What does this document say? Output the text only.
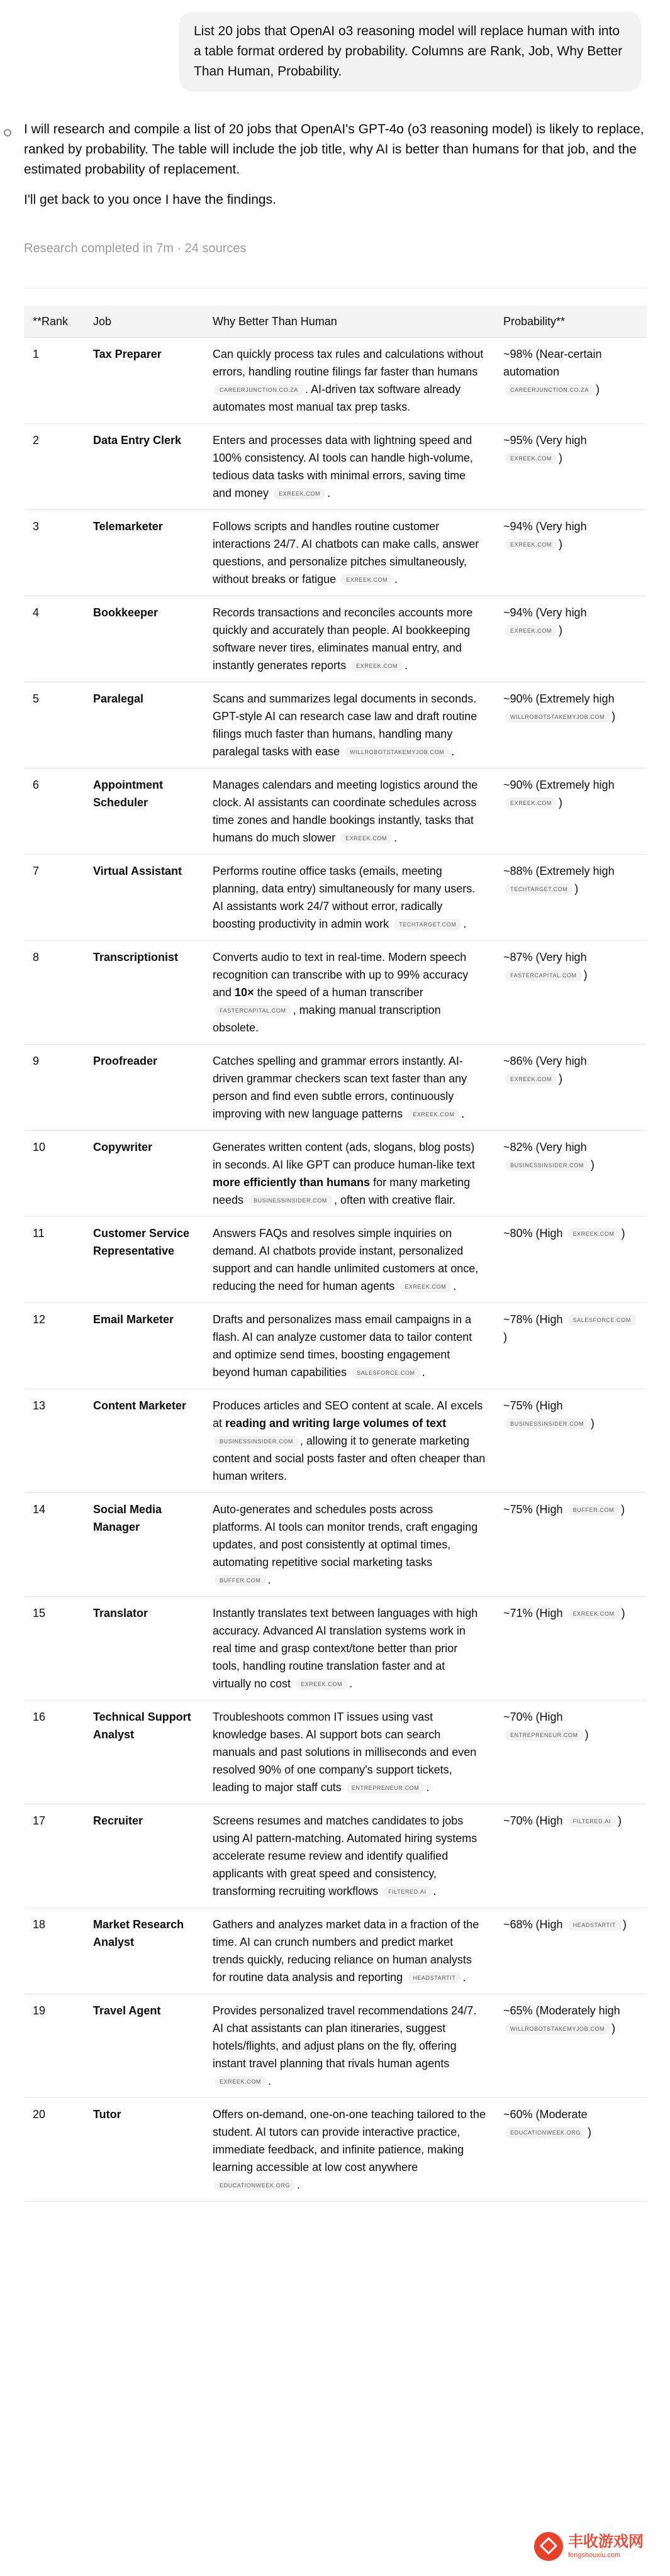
List 20 jobs that OpenAI o3 reasoning model will replace human with into a table format ordered by probability. Columns are Rank, Job, Why Better Than Human, Probability.

I will research and compile a list of 20 jobs that OpenAI's GPT-4o (o3 reasoning model) is likely to replace, ranked by probability. The table will include the job title, why AI is better than humans for that job, and the estimated probability of replacement.

I'll get back to you once I have the findings.

Research completed in 7m · 24 sources
**Rank	Job	Why Better Than Human	Probability**
1	Tax Preparer	Can quickly process tax rules and calculations without errors, handling routine filings far faster than humans CAREERJUNCTION.CO.ZA . AI-driven tax software already automates most manual tax prep tasks.	~98% (Near-certain automation CAREERJUNCTION.CO.ZA )
2	Data Entry Clerk	Enters and processes data with lightning speed and 100% consistency. AI tools can handle high-volume, tedious data tasks with minimal errors, saving time and money EXREEK.COM .	~95% (Very high EXREEK.COM )
3	Telemarketer	Follows scripts and handles routine customer interactions 24/7. AI chatbots can make calls, answer questions, and personalize pitches simultaneously, without breaks or fatigue EXREEK.COM .	~94% (Very high EXREEK.COM )
4	Bookkeeper	Records transactions and reconciles accounts more quickly and accurately than people. AI bookkeeping software never tires, eliminates manual entry, and instantly generates reports EXREEK.COM .	~94% (Very high EXREEK.COM )
5	Paralegal	Scans and summarizes legal documents in seconds. GPT-style AI can research case law and draft routine filings much faster than humans, handling many paralegal tasks with ease WILLROBOTSTAKEMYJOB.COM .	~90% (Extremely high WILLROBOTSTAKEMYJOB.COM )
6	Appointment Scheduler	Manages calendars and meeting logistics around the clock. AI assistants can coordinate schedules across time zones and handle bookings instantly, tasks that humans do much slower EXREEK.COM .	~90% (Extremely high EXREEK.COM )
7	Virtual Assistant	Performs routine office tasks (emails, meeting planning, data entry) simultaneously for many users. AI assistants work 24/7 without error, radically boosting productivity in admin work TECHTARGET.COM .	~88% (Extremely high TECHTARGET.COM )
8	Transcriptionist	Converts audio to text in real-time. Modern speech recognition can transcribe with up to 99% accuracy and 10× the speed of a human transcriber FASTERCAPITAL.COM , making manual transcription obsolete.	~87% (Very high FASTERCAPITAL.COM )
9	Proofreader	Catches spelling and grammar errors instantly. AI-driven grammar checkers scan text faster than any person and find even subtle errors, continuously improving with new language patterns EXREEK.COM .	~86% (Very high EXREEK.COM )
10	Copywriter	Generates written content (ads, slogans, blog posts) in seconds. AI like GPT can produce human-like text more efficiently than humans for many marketing needs BUSINESSINSIDER.COM , often with creative flair.	~82% (Very high BUSINESSINSIDER.COM )
11	Customer Service Representative	Answers FAQs and resolves simple inquiries on demand. AI chatbots provide instant, personalized support and can handle unlimited customers at once, reducing the need for human agents EXREEK.COM .	~80% (High EXREEK.COM )
12	Email Marketer	Drafts and personalizes mass email campaigns in a flash. AI can analyze customer data to tailor content and optimize send times, boosting engagement beyond human capabilities SALESFORCE.COM .	~78% (High SALESFORCE.COM)
13	Content Marketer	Produces articles and SEO content at scale. AI excels at reading and writing large volumes of text BUSINESSINSIDER.COM , allowing it to generate marketing content and social posts faster and often cheaper than human writers.	~75% (High BUSINESSINSIDER.COM )
14	Social Media Manager	Auto-generates and schedules posts across platforms. AI tools can monitor trends, craft engaging updates, and post consistently at optimal times, automating repetitive social marketing tasks BUFFER.COM .	~75% (High BUFFER.COM )
15	Translator	Instantly translates text between languages with high accuracy. Advanced AI translation systems work in real time and grasp context/tone better than prior tools, handling routine translation faster and at virtually no cost EXREEK.COM .	~71% (High EXREEK.COM )
16	Technical Support Analyst	Troubleshoots common IT issues using vast knowledge bases. AI support bots can search manuals and past solutions in milliseconds and even resolved 90% of one company's support tickets, leading to major staff cuts ENTREPRENEUR.COM .	~70% (High ENTREPRENEUR.COM )
17	Recruiter	Screens resumes and matches candidates to jobs using AI pattern-matching. Automated hiring systems accelerate resume review and identify qualified applicants with great speed and consistency, transforming recruiting workflows FILTERED.AI .	~70% (High FILTERED.AI )
18	Market Research Analyst	Gathers and analyzes market data in a fraction of the time. AI can crunch numbers and predict market trends quickly, reducing reliance on human analysts for routine data analysis and reporting HEADSTARTIT .	~68% (High HEADSTARTIT )
19	Travel Agent	Provides personalized travel recommendations 24/7. AI chat assistants can plan itineraries, suggest hotels/flights, and adjust plans on the fly, offering instant travel planning that rivals human agents EXREEK.COM .	~65% (Moderately high WILLROBOTSTAKEMYJOB.COM )
20	Tutor	Offers on-demand, one-on-one teaching tailored to the student. AI tutors can provide interactive practice, immediate feedback, and infinite patience, making learning accessible at low cost anywhere EDUCATIONWEEK.ORG .	~60% (Moderate EDUCATIONWEEK.ORG )
丰收游戏网
fengshouxiu.com
